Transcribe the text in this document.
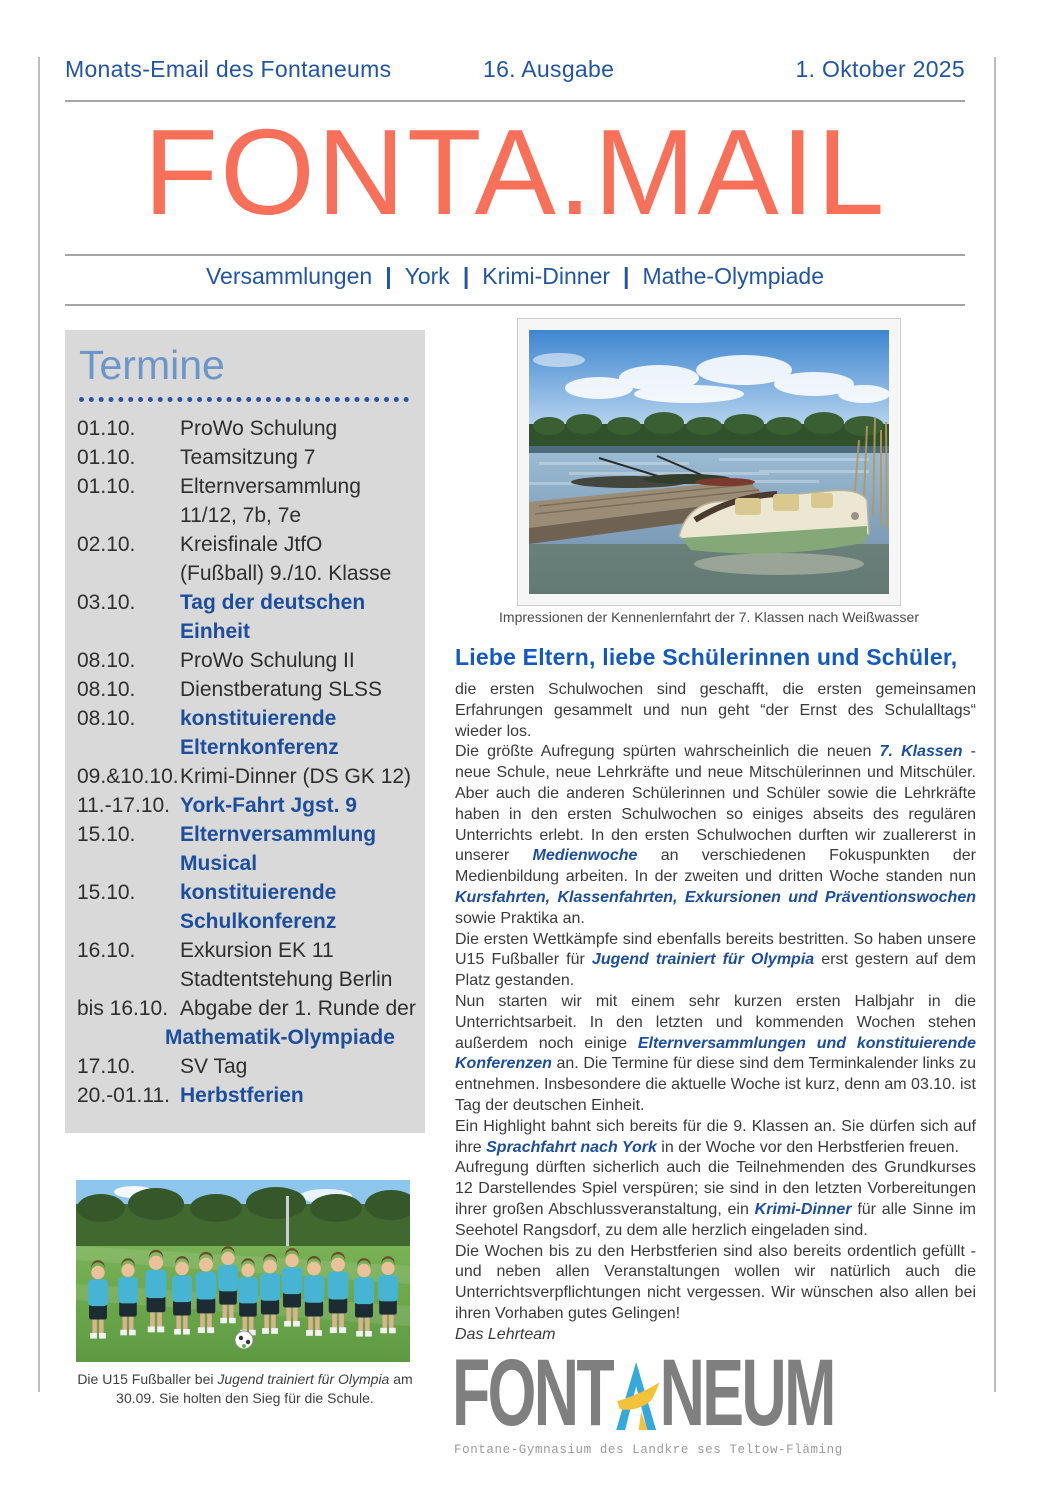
Monats-Email des Fontaneums	16. Ausgabe	1. Oktober 2025
FONTA.MAIL
Versammlungen | York | Krimi-Dinner | Mathe-Olympiade
Termine
01.10.	ProWo Schulung
01.10.	Teamsitzung 7
01.10.	Elternversammlung
11/12, 7b, 7e
02.10.	Kreisfinale JtfO
(Fußball) 9./10. Klasse
03.10.	Tag der deutschen
Einheit
08.10.	ProWo Schulung II
08.10.	Dienstberatung SLSS
08.10.	konstituierende
Elternkonferenz
09.&10.10. Krimi-Dinner (DS GK 12)
11.-17.10. York-Fahrt Jgst. 9
15.10.	Elternversammlung
Musical
15.10.	konstituierende
Schulkonferenz
16.10.	Exkursion EK 11
Stadtentstehung Berlin
bis 16.10. Abgabe der 1. Runde der
Mathematik-Olympiade
17.10.	SV Tag
20.-01.11. Herbstferien
Impressionen der Kennenlernfahrt der 7. Klassen nach Weißwasser
Liebe Eltern, liebe Schülerinnen und Schüler,

die ersten Schulwochen sind geschafft, die ersten gemeinsamen Erfahrungen gesammelt und nun geht “der Ernst des Schulalltags“ wieder los.

Die größte Aufregung spürten wahrscheinlich die neuen 7. Klassen - neue Schule, neue Lehrkräfte und neue Mitschülerinnen und Mitschüler. Aber auch die anderen Schülerinnen und Schüler sowie die Lehrkräfte haben in den ersten Schulwochen so einiges abseits des regulären Unterrichts erlebt. In den ersten Schulwochen durften wir zuallererst in unserer Medienwoche an verschiedenen Fokuspunkten der Medienbildung arbeiten. In der zweiten und dritten Woche standen nun Kursfahrten, Klassenfahrten, Exkursionen und Präventionswochen sowie Praktika an.

Die ersten Wettkämpfe sind ebenfalls bereits bestritten. So haben unsere U15 Fußballer für Jugend trainiert für Olympia erst gestern auf dem Platz gestanden.

Nun starten wir mit einem sehr kurzen ersten Halbjahr in die Unterrichtsarbeit. In den letzten und kommenden Wochen stehen außerdem noch einige Elternversammlungen und konstituierende Konferenzen an. Die Termine für diese sind dem Terminkalender links zu entnehmen. Insbesondere die aktuelle Woche ist kurz, denn am 03.10. ist Tag der deutschen Einheit.

Ein Highlight bahnt sich bereits für die 9. Klassen an. Sie dürfen sich auf ihre Sprachfahrt nach York in der Woche vor den Herbstferien freuen.

Aufregung dürften sicherlich auch die Teilnehmenden des Grundkurses 12 Darstellendes Spiel verspüren; sie sind in den letzten Vorbereitungen ihrer großen Abschlussveranstaltung, ein Krimi-Dinner für alle Sinne im Seehotel Rangsdorf, zu dem alle herzlich eingeladen sind.

Die Wochen bis zu den Herbstferien sind also bereits ordentlich gefüllt - und neben allen Veranstaltungen wollen wir natürlich auch die Unterrichtsverpflichtungen nicht vergessen. Wir wünschen also allen bei ihren Vorhaben gutes Gelingen!

Das Lehrteam

Die U15 Fußballer bei Jugend trainiert für Olympia am 30.09. Sie holten den Sieg für die Schule. FONT NEUM
Fontane-Gymnasium des Landkre ses Teltow-Fläming
